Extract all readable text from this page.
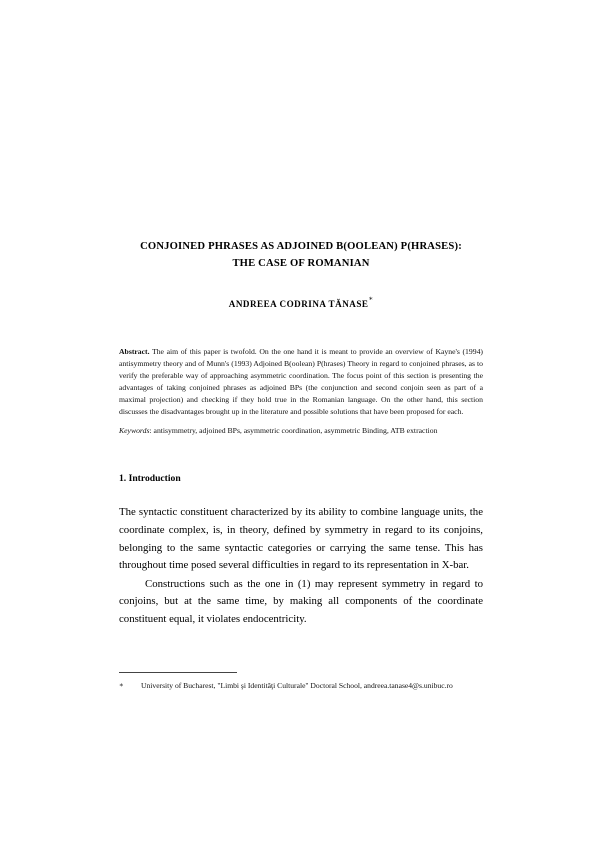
CONJOINED PHRASES AS ADJOINED B(OOLEAN) P(HRASES):
THE CASE OF ROMANIAN
ANDREEA CODRINA TĂNASE∗
Abstract. The aim of this paper is twofold. On the one hand it is meant to provide an overview of Kayne's (1994) antisymmetry theory and of Munn's (1993) Adjoined B(oolean) P(hrases) Theory in regard to conjoined phrases, as to verify the preferable way of approaching asymmetric coordination. The focus point of this section is presenting the advantages of taking conjoined phrases as adjoined BPs (the conjunction and second conjoin seen as part of a maximal projection) and checking if they hold true in the Romanian language. On the other hand, this section discusses the disadvantages brought up in the literature and possible solutions that have been proposed for each.
Keywords: antisymmetry, adjoined BPs, asymmetric coordination, asymmetric Binding, ATB extraction
1. Introduction

The syntactic constituent characterized by its ability to combine language units, the coordinate complex, is, in theory, defined by symmetry in regard to its conjoins, belonging to the same syntactic categories or carrying the same tense. This has throughout time posed several difficulties in regard to its representation in X-bar.

Constructions such as the one in (1) may represent symmetry in regard to conjoins, but at the same time, by making all components of the coordinate constituent equal, it violates endocentricity.

∗	University of Bucharest, "Limbi şi Identităţi Culturale" Doctoral School, andreea.tanase4@s.unibuc.ro
